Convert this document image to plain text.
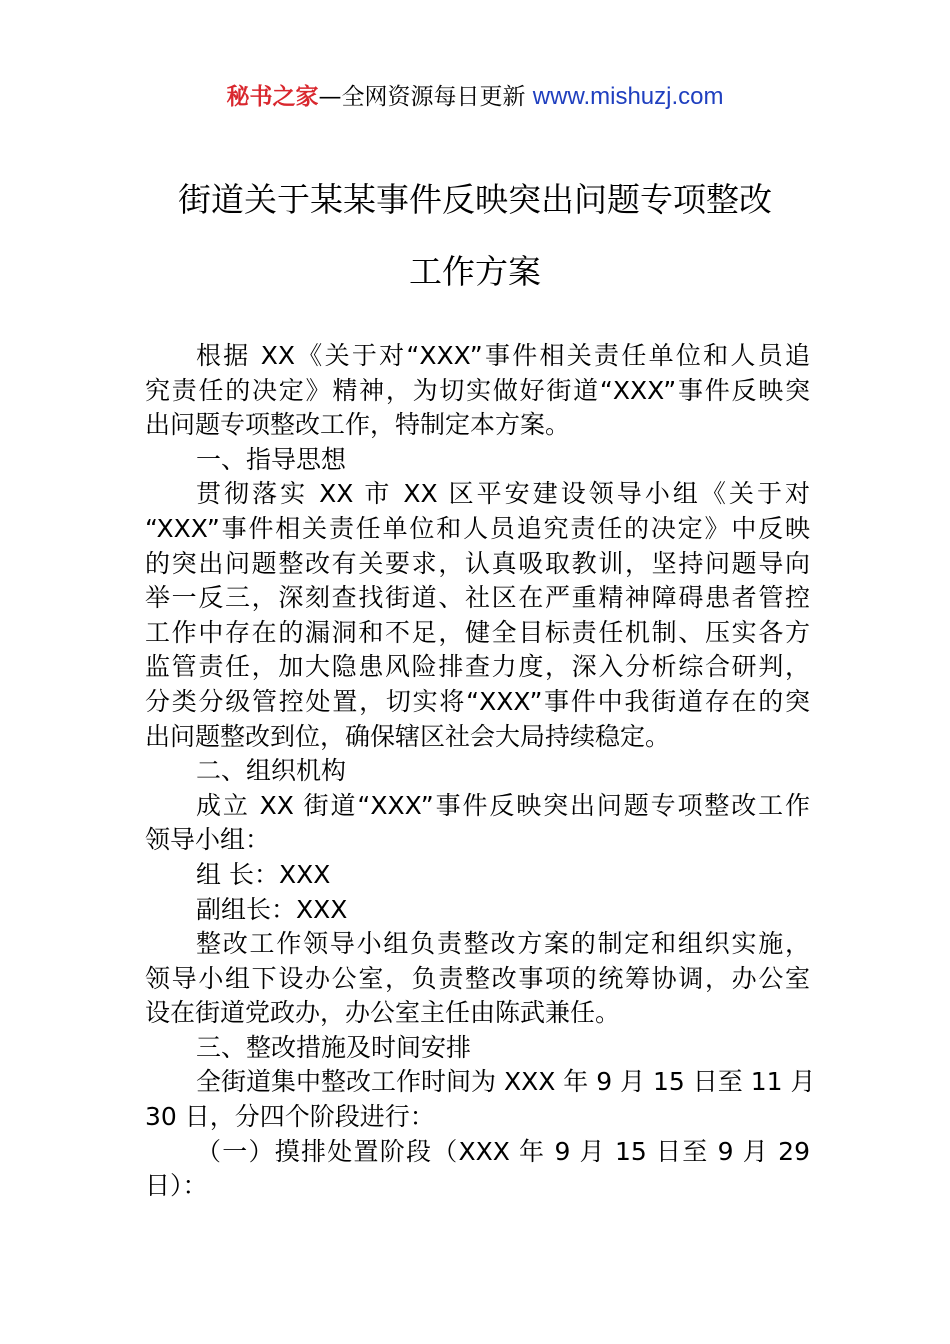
秘书之家—全网资源每日更新 www.mishuzj.com
街道关于某某事件反映突出问题专项整改
工作方案
根据 XX《关于对“XXX”事件相关责任单位和人员追
究责任的决定》精神，为切实做好街道“XXX”事件反映突
出问题专项整改工作，特制定本方案。
一、指导思想
贯彻落实 XX 市 XX 区平安建设领导小组《关于对
“XXX”事件相关责任单位和人员追究责任的决定》中反映
的突出问题整改有关要求，认真吸取教训，坚持问题导向
举一反三，深刻查找街道、社区在严重精神障碍患者管控
工作中存在的漏洞和不足，健全目标责任机制、压实各方
监管责任，加大隐患风险排查力度，深入分析综合研判，
分类分级管控处置，切实将“XXX”事件中我街道存在的突
出问题整改到位，确保辖区社会大局持续稳定。
二、组织机构
成立 XX 街道“XXX”事件反映突出问题专项整改工作
领导小组：
组 长：XXX
副组长：XXX
整改工作领导小组负责整改方案的制定和组织实施，
领导小组下设办公室，负责整改事项的统筹协调，办公室
设在街道党政办，办公室主任由陈武兼任。
三、整改措施及时间安排
全街道集中整改工作时间为 XXX 年 9 月 15 日至 11 月
30 日，分四个阶段进行：
（一）摸排处置阶段（XXX 年 9 月 15 日至 9 月 29
日）：
